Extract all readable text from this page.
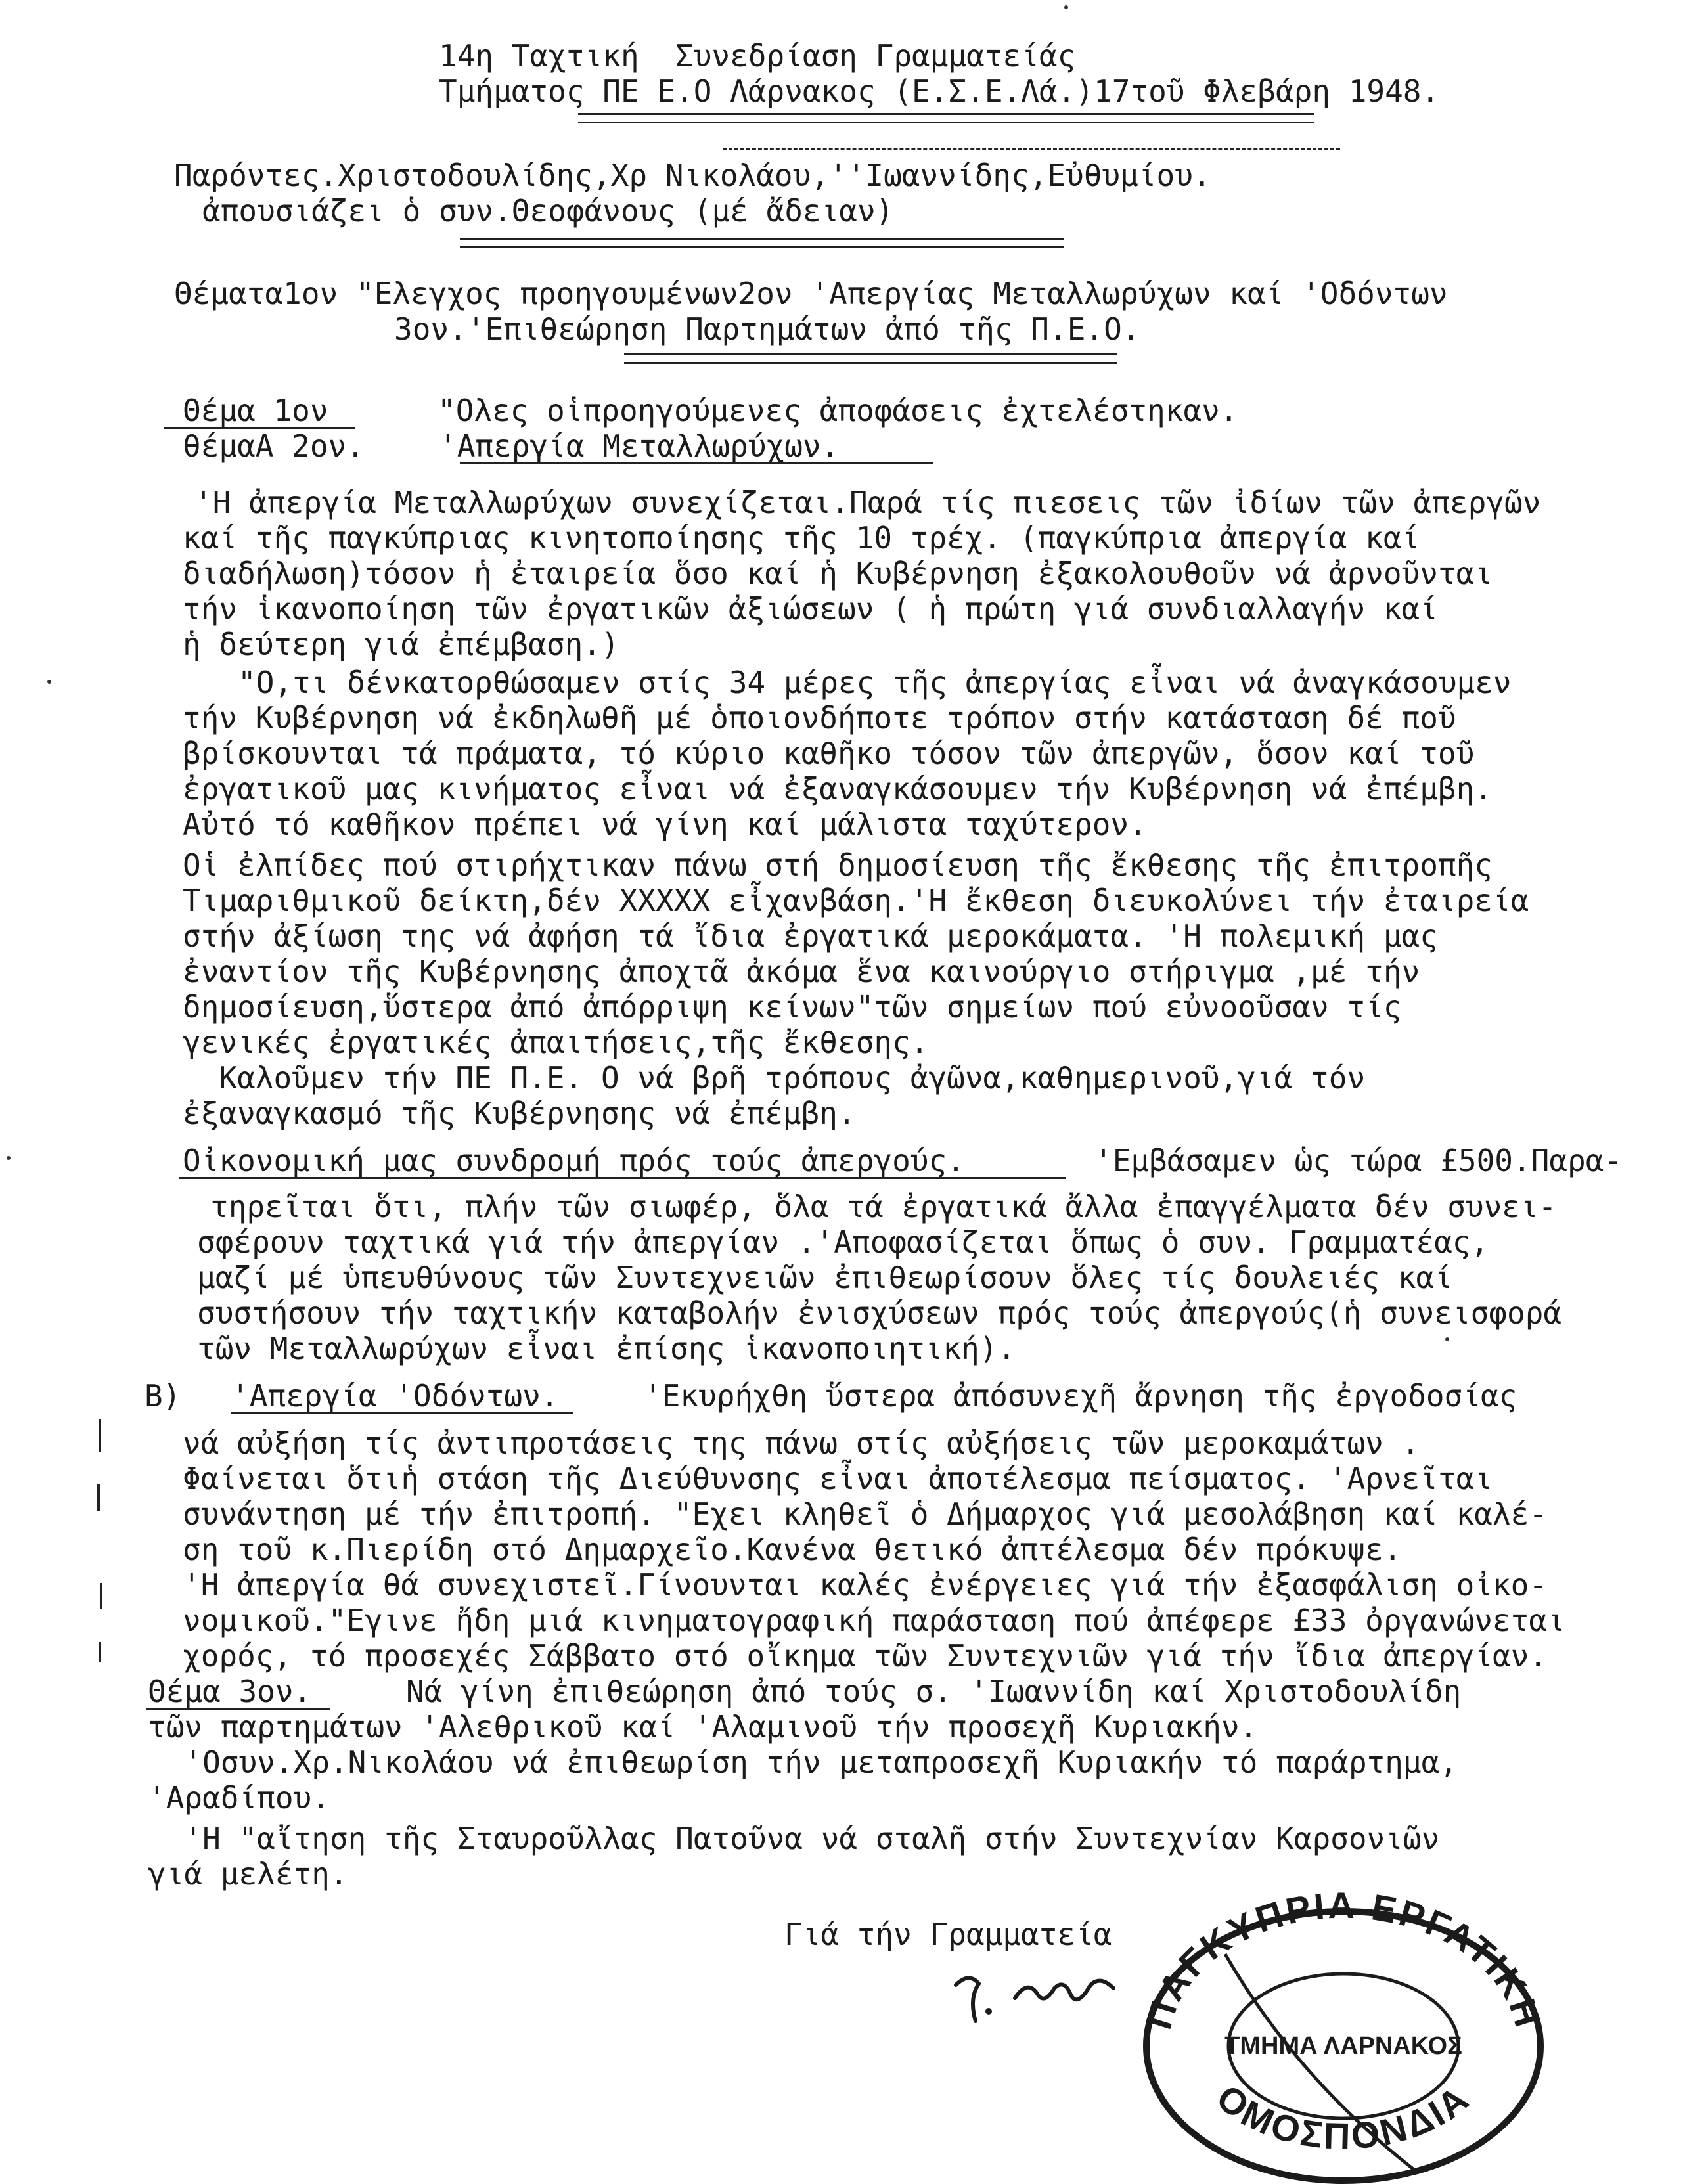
14η Ταχτική  Συνεδρίαση Γραμματεί́ας
Τμήματος ΠΕ Ε.Ο Λάρνακος (Ε.Σ.Ε.Λά.)17τοῦ Φλεβάρη 1948.
Παρόντες.Χριστοδουλίδης,Χρ Νικολάου,''Ιωαννίδης,Εὐθυμίου.
ἀπουσιάζει ὁ συν.Θεοφάνους (μέ ἄδειαν)
Θέματα1ον "Ελεγχος προηγουμένων2ον 'Απεργίας Μεταλλωρύχων καί 'Οδόντων
3ον.'Επιθεώρηση Παρτημάτων ἀπό τῆς Π.Ε.Ο.
Θέμα 1ον	"Ολες οἱπροηγούμενες ἀποφάσεις ἐχτελέστηκαν.
θέμαΑ 2ον. 'Απεργία Μεταλλωρύχων.
'Η ἀπεργία Μεταλλωρύχων συνεχίζεται.Παρά τίς πιεσεις τῶν ἰδίων τῶν ἀπεργῶν
καί τῆς παγκύπριας κινητοποίησης τῆς 10 τρέχ. (παγκύπρια ἀπεργία καί
διαδήλωση)τόσον ἡ ἐταιρεία ὅσο καί ἡ Κυβέρνηση ἐξακολουθοῦν νά ἀρνοῦνται
τήν ἱκανοποίηση τῶν ἐργατικῶν ἀξιώσεων ( ἡ πρώτη γιά συνδιαλλαγήν καί
ἡ δεύτερη γιά ἐπέμβαση.)
"Ο,τι δένκατορθώσαμεν στίς 34 μέρες τῆς ἀπεργίας εἶναι νά ἀναγκάσουμεν
τήν Κυβέρνηση νά ἐκδηλωθῆ μέ ὁποιονδήποτε τρόπον στήν κατάσταση δέ ποῦ
βρίσκουνται τά πράματα, τό κύριο καθῆκο τόσον τῶν ἀπεργῶν, ὅσον καί τοῦ
ἐργατικοῦ μας κινήματος εἶναι νά ἐξαναγκάσουμεν τήν Κυβέρνηση νά ἐπέμβη.
Αὐτό τό καθῆκον πρέπει νά γίνη καί μάλιστα ταχύτερον.
Οἱ ἐλπίδες πού στιρήχτικαν πάνω στή δημοσίευση τῆς ἔκθεσης τῆς ἐπιτροπῆς
Τιμαριθμικοῦ δείκτη,δέν XXXXX εἶχανβάση.'Η ἔκθεση διευκολύνει τήν ἐταιρεία
στήν ἀξίωση της νά ἀφήση τά ἴδια ἐργατικά μεροκάματα. 'Η πολεμική μας
ἐναντίον τῆς Κυβέρνησης ἀποχτᾶ ἀκόμα ἕνα καινούργιο στήριγμα ,μέ τήν
δημοσίευση,ὕστερα ἀπό ἀπόρριψη κείνων"τῶν σημείων πού εὐνοοῦσαν τίς
γενικές ἐργατικές ἀπαιτήσεις,τῆς ἔκθεσης.
Καλοῦμεν τήν ΠΕ Π.Ε. Ο νά βρῆ τρόπους ἀγῶνα,καθημερινοῦ,γιά τόν
ἐξαναγκασμό τῆς Κυβέρνησης νά ἐπέμβη.
Οἰκονομική μας συνδρομή πρός τούς ἀπεργούς.	'Εμβάσαμεν ὡς τώρα £500.Παρα-
τηρεῖται ὅτι, πλήν τῶν σιωφέρ, ὅλα τά ἐργατικά ἄλλα ἐπαγγέλματα δέν συνει-
σφέρουν ταχτικά γιά τήν ἀπεργίαν .'Αποφασίζεται ὅπως ὁ συν. Γραμματέας,
μαζί μέ ὑπευθύνους τῶν Συντεχνειῶν ἐπιθεωρίσουν ὅλες τίς δουλειές καί
συστήσουν τήν ταχτικήν καταβολήν ἐνισχύσεων πρός τούς ἀπεργούς(ἡ συνεισφορά
τῶν Μεταλλωρύχων εἶναι ἐπίσης ἱκανοποιητική).
Β) 'Απεργία 'Οδόντων.	'Εκυρήχθη ὕστερα ἀπόσυνεχῆ ἄρνηση τῆς ἐργοδοσίας
νά αὐξήση τίς ἀντιπροτάσεις της πάνω στίς αὐξήσεις τῶν μεροκαμάτων .
Φαίνεται ὅτιἡ στάση τῆς Διεύθυνσης εἶναι ἀποτέλεσμα πείσματος. 'Αρνεῖται
συνάντηση μέ τήν ἐπιτροπή. "Εχει κληθεῖ ὁ Δήμαρχος γιά μεσολάβηση καί καλέ-
ση τοῦ κ.Πιερίδη στό Δημαρχεῖο.Κανένα θετικό ἀπτέλεσμα δέν πρόκυψε.
'Η ἀπεργία θά συνεχιστεῖ.Γίνουνται καλές ἐνέργειες γιά τήν ἐξασφάλιση οἰκο-
νομικοῦ."Εγινε ἤδη μιά κινηματογραφική παράσταση πού ἀπέφερε £33 ὀργανώνεται
χορός, τό προσεχές Σάββατο στό οἴκημα τῶν Συντεχνιῶν γιά τήν ἴδια ἀπεργίαν.
Θέμα 3ον.	Νά γίνη ἐπιθεώρηση ἀπό τούς σ. 'Ιωαννίδη καί Χριστοδουλίδη
τῶν παρτημάτων 'Αλεθρικοῦ καί 'Αλαμινοῦ τήν προσεχῆ Κυριακήν.
'Οσυν.Χρ.Νικολάου νά ἐπιθεωρίση τήν μεταπροσεχῆ Κυριακήν τό παράρτημα,
'Αραδίπου.
'Η "αἴτηση τῆς Σταυροῦλλας Πατοῦνα νά σταλῆ στήν Συντεχνίαν Καρσονιῶν
γιά μελέτη.
Γιά τήν Γραμματεία
ΠΑΓΚΥΠΡΙΑ ΕΡΓΑΤΙΚΗ
ΤΜΗΜΑ ΛΑΡΝΑΚΟΣ
ΟΜΟΣΠΟΝΔΙΑ
